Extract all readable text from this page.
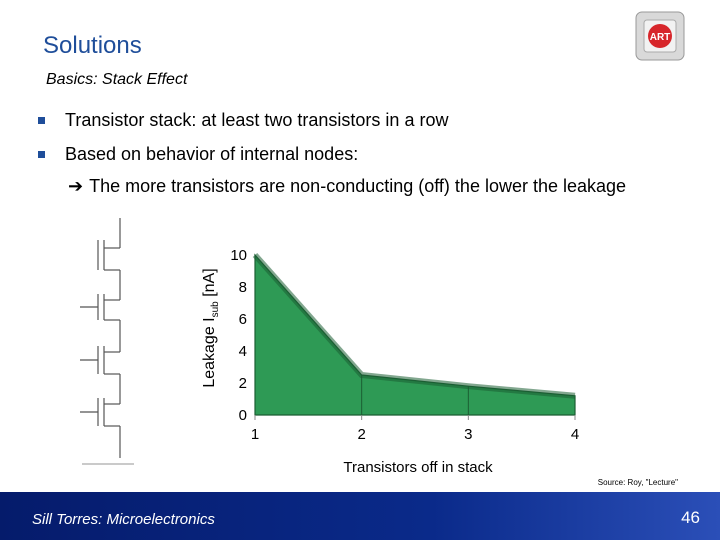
Solutions
Basics: Stack Effect
ART
Transistor stack: at least two transistors in a row
Based on behavior of internal nodes:
➔ The more transistors are non-conducting (off) the lower the leakage
0
2
4
6
8
10
1	2	3	4
Transistors off in stack
Leakage $I_{sub}$ [nA]
Source: Roy, "Lecture"
Sill Torres: Microelectronics	46
